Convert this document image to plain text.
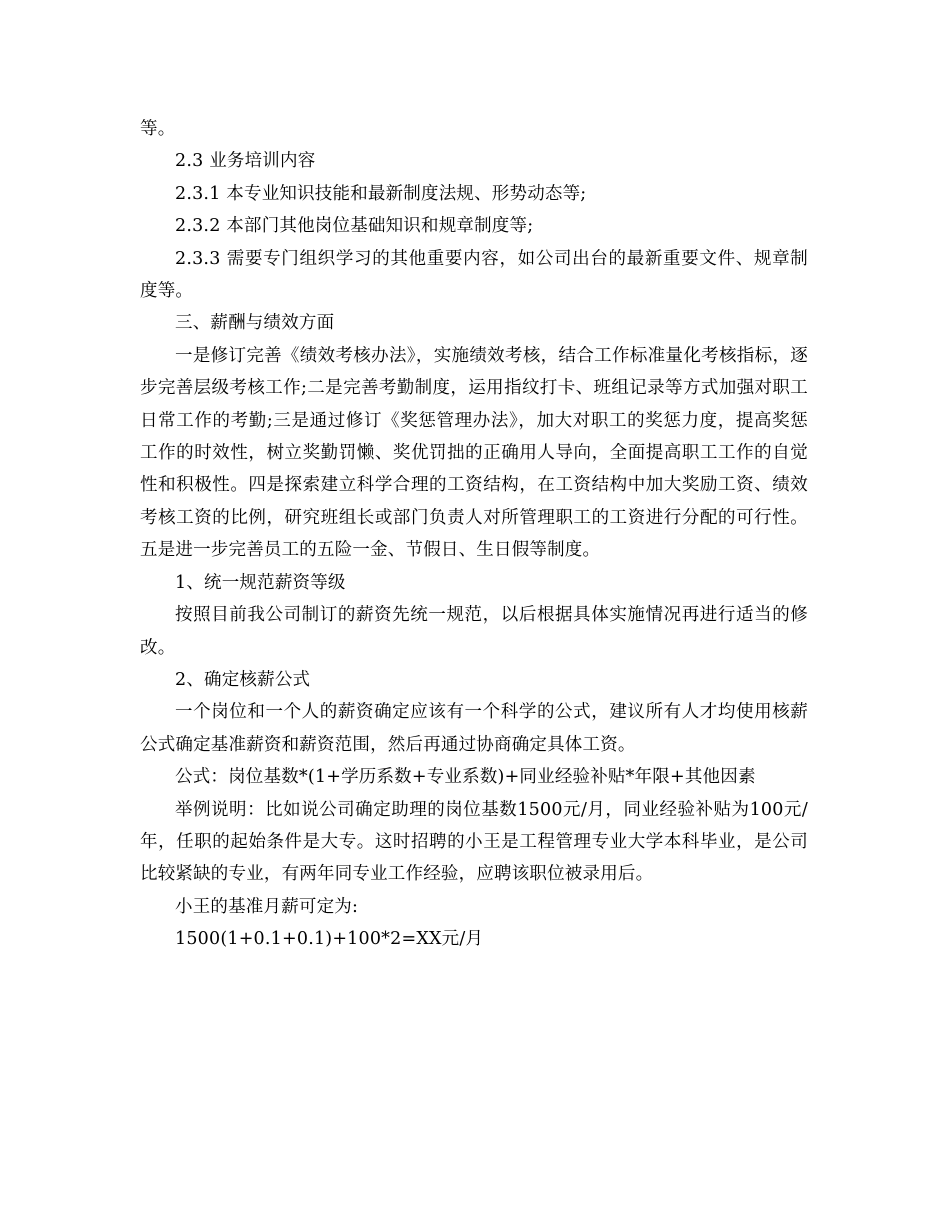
等。

2.3 业务培训内容

2.3.1 本专业知识技能和最新制度法规、形势动态等;

2.3.2 本部门其他岗位基础知识和规章制度等;

2.3.3 需要专门组织学习的其他重要内容，如公司出台的最新重要文件、规章制度等。

三、薪酬与绩效方面

一是修订完善《绩效考核办法》，实施绩效考核，结合工作标准量化考核指标，逐步完善层级考核工作;二是完善考勤制度，运用指纹打卡、班组记录等方式加强对职工日常工作的考勤;三是通过修订《奖惩管理办法》，加大对职工的奖惩力度，提高奖惩工作的时效性，树立奖勤罚懒、奖优罚拙的正确用人导向，全面提高职工工作的自觉性和积极性。四是探索建立科学合理的工资结构，在工资结构中加大奖励工资、绩效考核工资的比例，研究班组长或部门负责人对所管理职工的工资进行分配的可行性。五是进一步完善员工的五险一金、节假日、生日假等制度。

1、统一规范薪资等级

按照目前我公司制订的薪资先统一规范，以后根据具体实施情况再进行适当的修改。

2、确定核薪公式

一个岗位和一个人的薪资确定应该有一个科学的公式，建议所有人才均使用核薪公式确定基准薪资和薪资范围，然后再通过协商确定具体工资。

公式：岗位基数*(1+学历系数+专业系数)+同业经验补贴*年限+其他因素

举例说明：比如说公司确定助理的岗位基数1500元/月，同业经验补贴为100元/年，任职的起始条件是大专。这时招聘的小王是工程管理专业大学本科毕业，是公司比较紧缺的专业，有两年同专业工作经验，应聘该职位被录用后。

小王的基准月薪可定为:

1500(1+0.1+0.1)+100*2=XX元/月
